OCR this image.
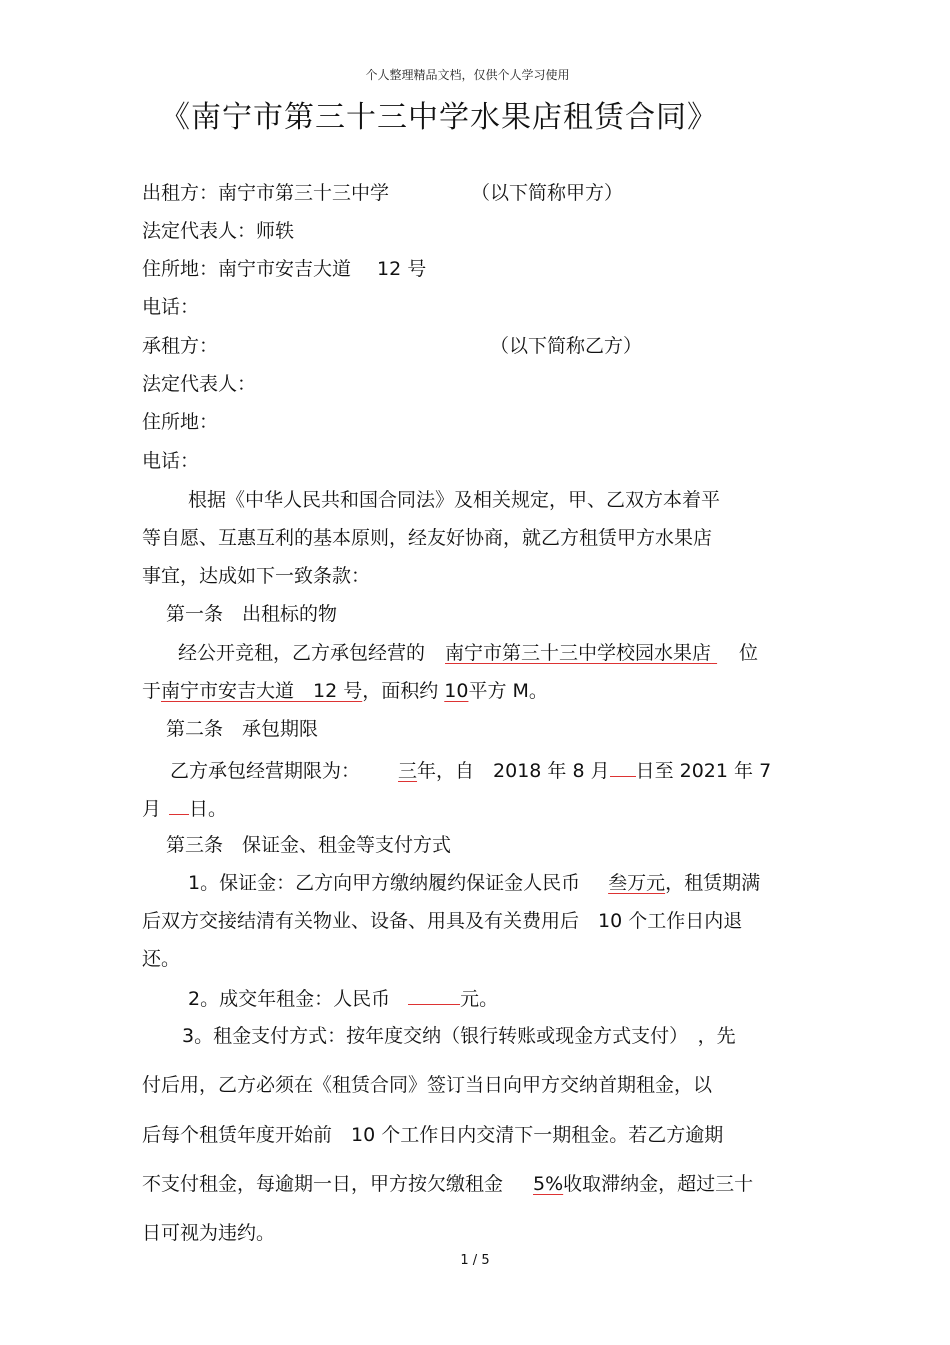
个人整理精品文档，仅供个人学习使用
《南宁市第三十三中学水果店租赁合同》
出租方：南宁市第三十三中学	（以下简称甲方）
法定代表人：师轶
住所地：南宁市安吉大道 12 号
电话：
承租方：	（以下简称乙方）
法定代表人：
住所地：
电话：
根据《中华人民共和国合同法》及相关规定，甲、乙双方本着平
等自愿、互惠互利的基本原则，经友好协商，就乙方租赁甲方水果店
事宜，达成如下一致条款：
第一条　出租标的物
经公开竞租，乙方承包经营的 南宁市第三十三中学校园水果店 位
于南宁市安吉大道　12 号，面积约 10平方 M。
第二条　承包期限
乙方承包经营期限为： 三年，自　2018 年 8 月 日至 2021 年 7
月 日。
第三条　保证金、租金等支付方式
1。保证金：乙方向甲方缴纳履约保证金人民币 叁万元，租赁期满
后双方交接结清有关物业、设备、用具及有关费用后　10 个工作日内退
还。
2。成交年租金：人民币	元。
3。租金支付方式：按年度交纳（银行转账或现金方式支付）　，先
付后用，乙方必须在《租赁合同》签订当日向甲方交纳首期租金，以
后每个租赁年度开始前　10 个工作日内交清下一期租金。若乙方逾期
不支付租金，每逾期一日，甲方按欠缴租金 5%收取滞纳金，超过三十
日可视为违约。
1 / 5
